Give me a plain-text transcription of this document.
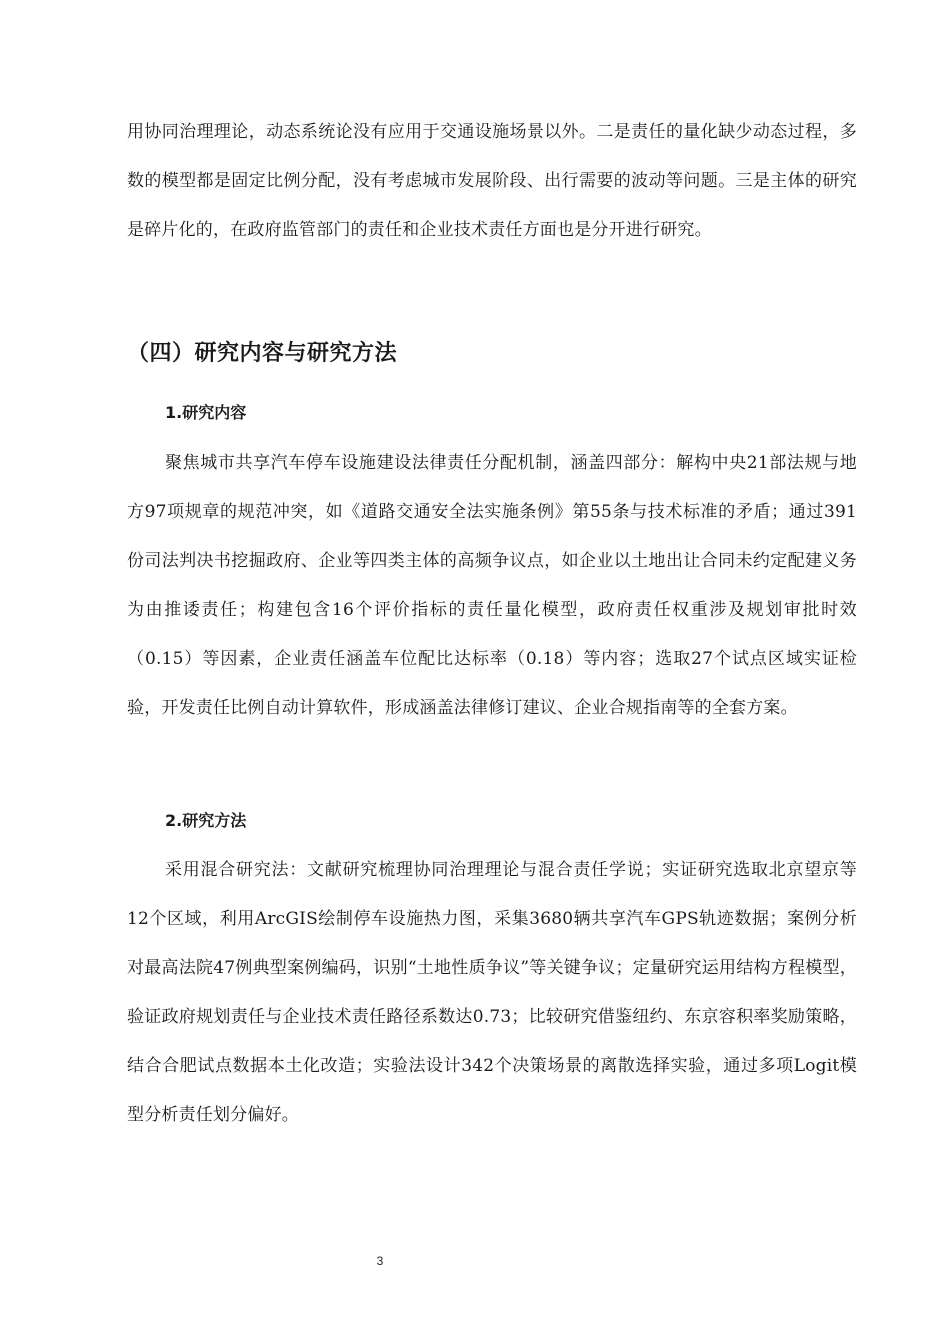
用协同治理理论，动态系统论没有应用于交通设施场景以外。二是责任的量化缺少动态过程，多数的模型都是固定比例分配，没有考虑城市发展阶段、出行需要的波动等问题。三是主体的研究是碎片化的，在政府监管部门的责任和企业技术责任方面也是分开进行研究。

（四）研究内容与研究方法
1.研究内容

聚焦城市共享汽车停车设施建设法律责任分配机制，涵盖四部分：解构中央21部法规与地方97项规章的规范冲突，如《道路交通安全法实施条例》第55条与技术标准的矛盾；通过391份司法判决书挖掘政府、企业等四类主体的高频争议点，如企业以土地出让合同未约定配建义务为由推诿责任；构建包含16个评价指标的责任量化模型，政府责任权重涉及规划审批时效（0.15）等因素，企业责任涵盖车位配比达标率（0.18）等内容；选取27个试点区域实证检验，开发责任比例自动计算软件，形成涵盖法律修订建议、企业合规指南等的全套方案。

2.研究方法

采用混合研究法：文献研究梳理协同治理理论与混合责任学说；实证研究选取北京望京等12个区域，利用ArcGIS绘制停车设施热力图，采集3680辆共享汽车GPS轨迹数据；案例分析对最高法院47例典型案例编码，识别“土地性质争议”等关键争议；定量研究运用结构方程模型，验证政府规划责任与企业技术责任路径系数达0.73；比较研究借鉴纽约、东京容积率奖励策略，结合合肥试点数据本土化改造；实验法设计342个决策场景的离散选择实验，通过多项Logit模型分析责任划分偏好。

3
